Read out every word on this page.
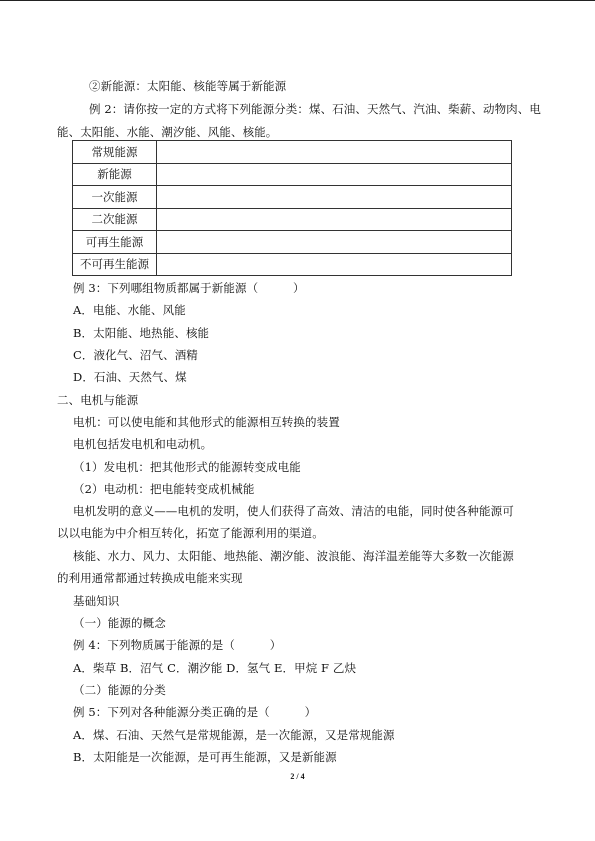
②新能源：太阳能、核能等属于新能源
例 2：请你按一定的方式将下列能源分类：煤、石油、天然气、汽油、柴薪、动物肉、电
能、太阳能、水能、潮汐能、风能、核能。
常规能源	
新能源	
一次能源	
二次能源	
可再生能源	
不可再生能源	
例 3：下列哪组物质都属于新能源（　　　）
A．电能、水能、风能
B．太阳能、地热能、核能
C．液化气、沼气、酒精
D．石油、天然气、煤
二、电机与能源
电机：可以使电能和其他形式的能源相互转换的装置
电机包括发电机和电动机。
（1）发电机：把其他形式的能源转变成电能
（2）电动机：把电能转变成机械能
电机发明的意义——电机的发明，使人们获得了高效、清洁的电能，同时使各种能源可
以以电能为中介相互转化，拓宽了能源利用的渠道。
核能、水力、风力、太阳能、地热能、潮汐能、波浪能、海洋温差能等大多数一次能源
的利用通常都通过转换成电能来实现
基础知识
（一）能源的概念
例 4：下列物质属于能源的是（　　　）
A．柴草 B．沼气 C．潮汐能 D．氢气 E．甲烷 F 乙炔
（二）能源的分类
例 5：下列对各种能源分类正确的是（　　　）
A．煤、石油、天然气是常规能源，是一次能源，又是常规能源
B．太阳能是一次能源，是可再生能源，又是新能源
2 / 4
